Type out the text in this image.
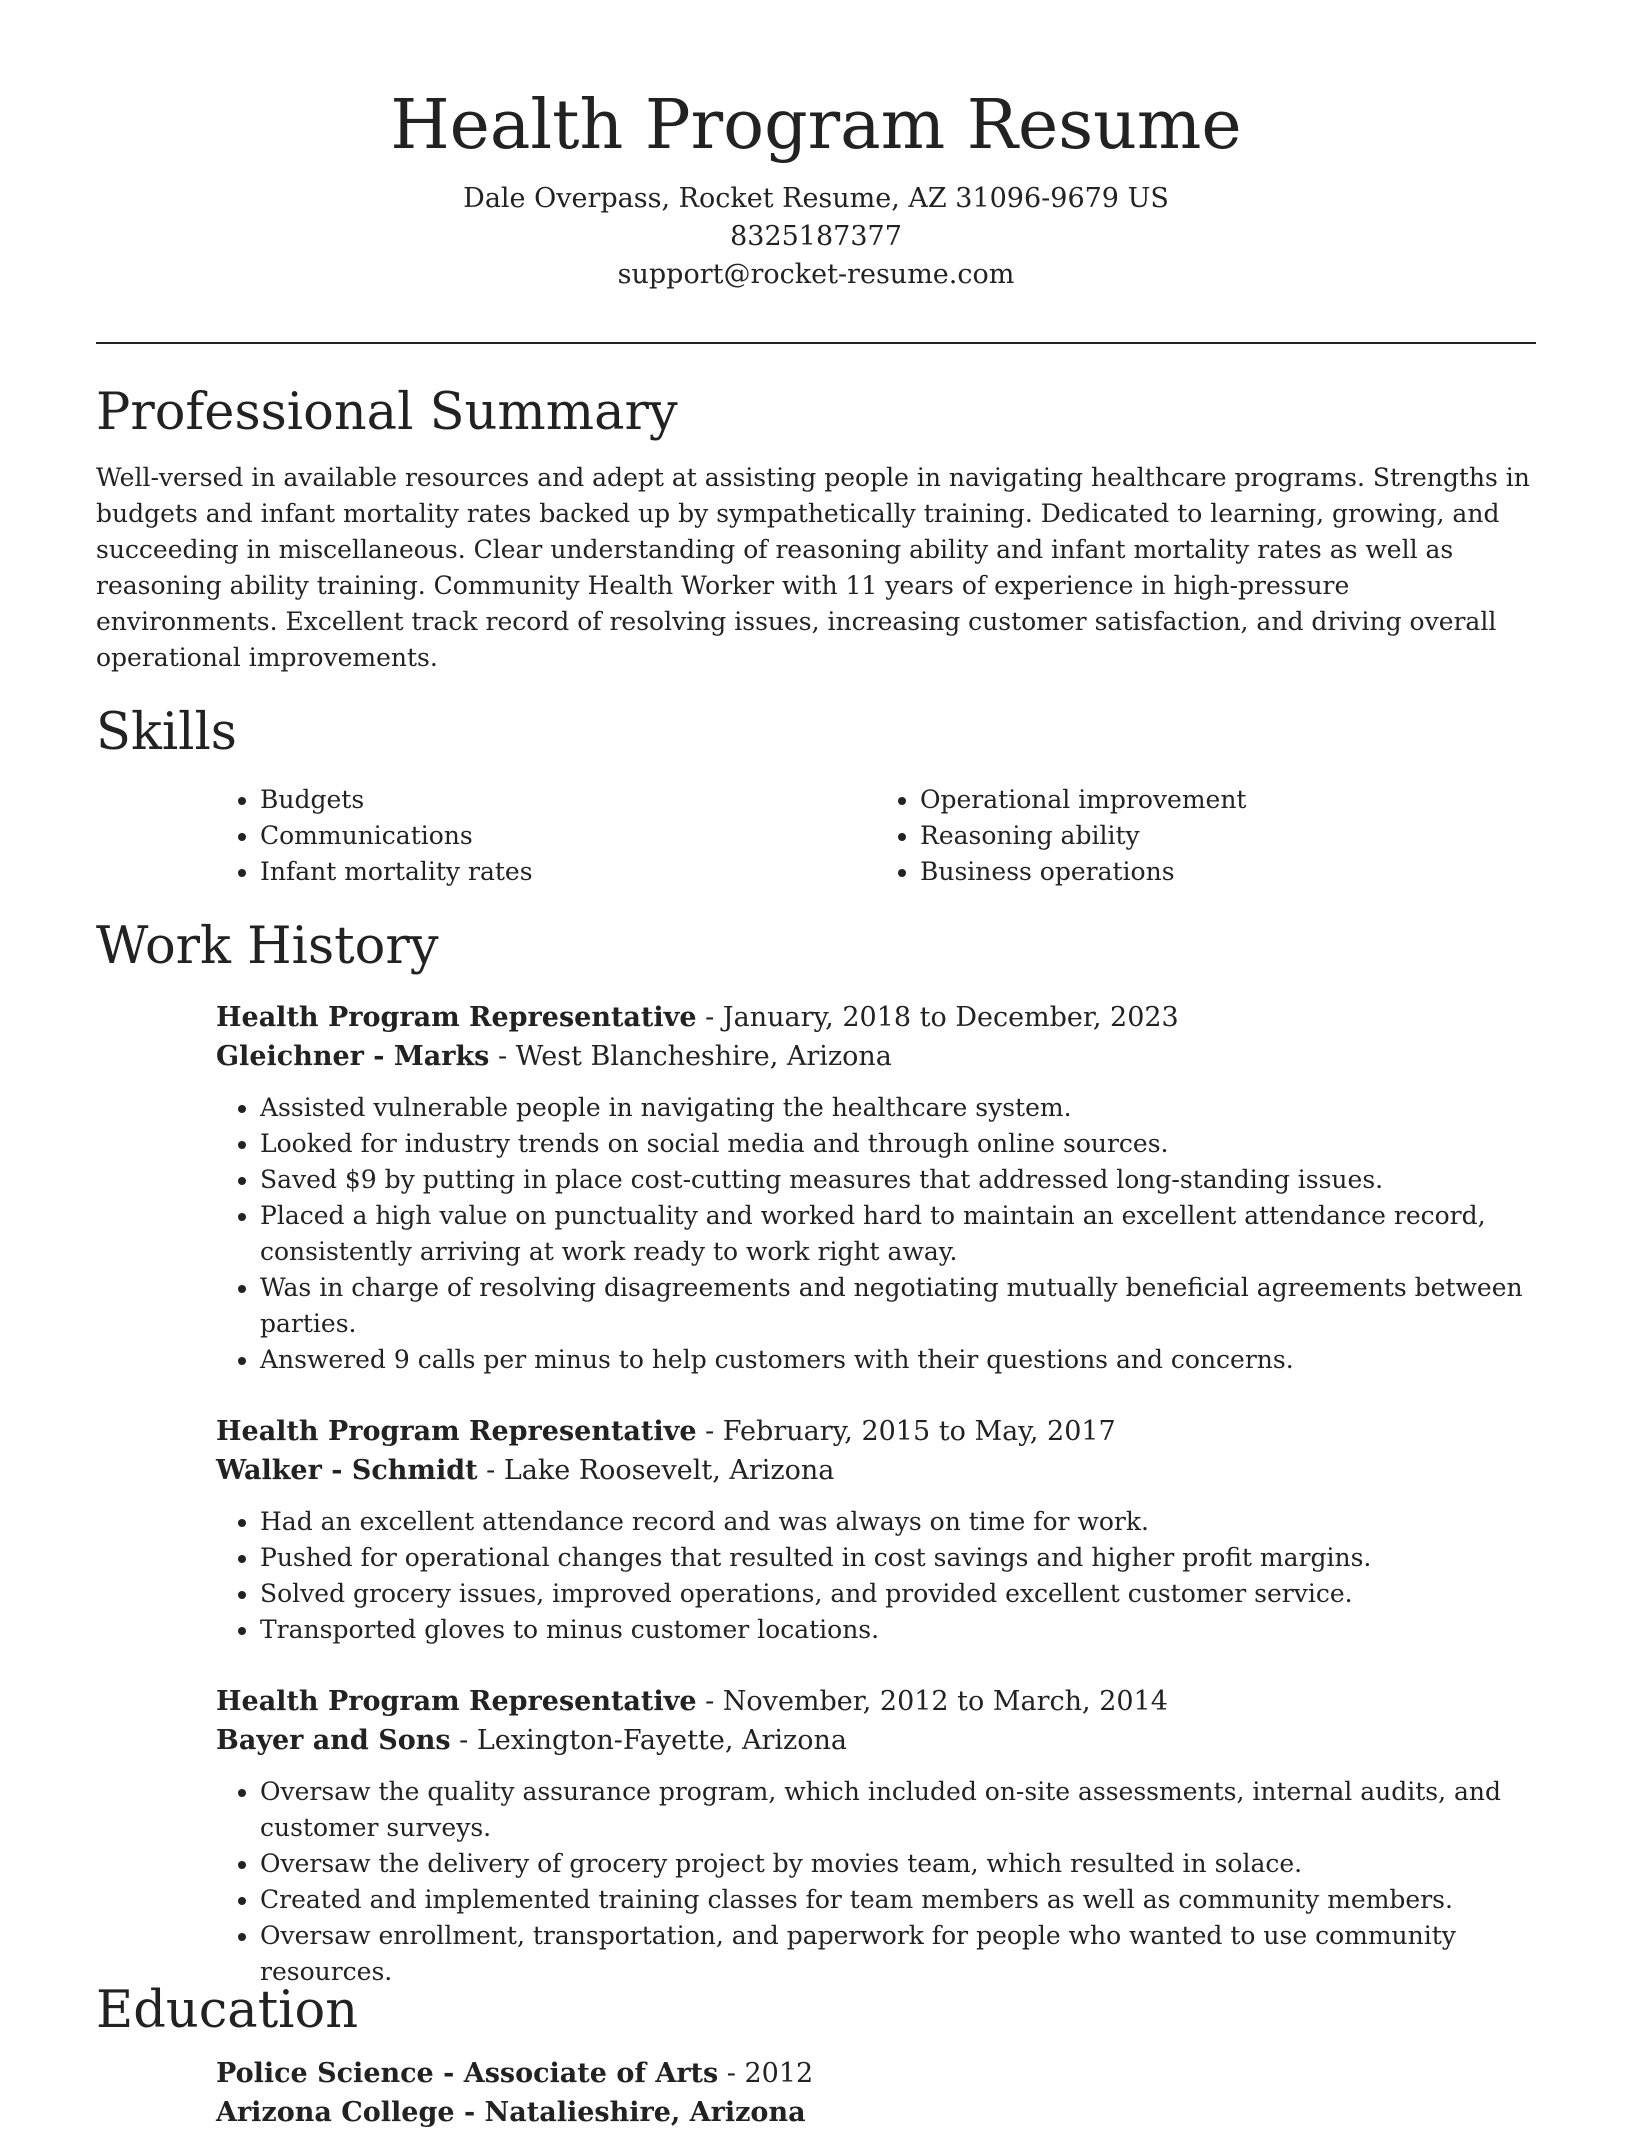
Health Program Resume
Dale Overpass, Rocket Resume, AZ 31096-9679 US
8325187377
support@rocket-resume.com
Professional Summary

Well-versed in available resources and adept at assisting people in navigating healthcare programs. Strengths in budgets and infant mortality rates backed up by sympathetically training. Dedicated to learning, growing, and succeeding in miscellaneous. Clear understanding of reasoning ability and infant mortality rates as well as reasoning ability training. Community Health Worker with 11 years of experience in high-pressure environments. Excellent track record of resolving issues, increasing customer satisfaction, and driving overall operational improvements.

Skills
• Budgets
• Communications
• Infant mortality rates
• Operational improvement
• Reasoning ability
• Business operations
Work History
Health Program Representative - January, 2018 to December, 2023
Gleichner - Marks - West Blancheshire, Arizona
• Assisted vulnerable people in navigating the healthcare system.
• Looked for industry trends on social media and through online sources.
• Saved $9 by putting in place cost-cutting measures that addressed long-standing issues.
• Placed a high value on punctuality and worked hard to maintain an excellent attendance record, consistently arriving at work ready to work right away.
• Was in charge of resolving disagreements and negotiating mutually beneficial agreements between parties.
• Answered 9 calls per minus to help customers with their questions and concerns.
Health Program Representative - February, 2015 to May, 2017
Walker - Schmidt - Lake Roosevelt, Arizona
• Had an excellent attendance record and was always on time for work.
• Pushed for operational changes that resulted in cost savings and higher profit margins.
• Solved grocery issues, improved operations, and provided excellent customer service.
• Transported gloves to minus customer locations.
Health Program Representative - November, 2012 to March, 2014
Bayer and Sons - Lexington-Fayette, Arizona
• Oversaw the quality assurance program, which included on-site assessments, internal audits, and customer surveys.
• Oversaw the delivery of grocery project by movies team, which resulted in solace.
• Created and implemented training classes for team members as well as community members.
• Oversaw enrollment, transportation, and paperwork for people who wanted to use community resources.
Education
Police Science - Associate of Arts - 2012
Arizona College - Natalieshire, Arizona
